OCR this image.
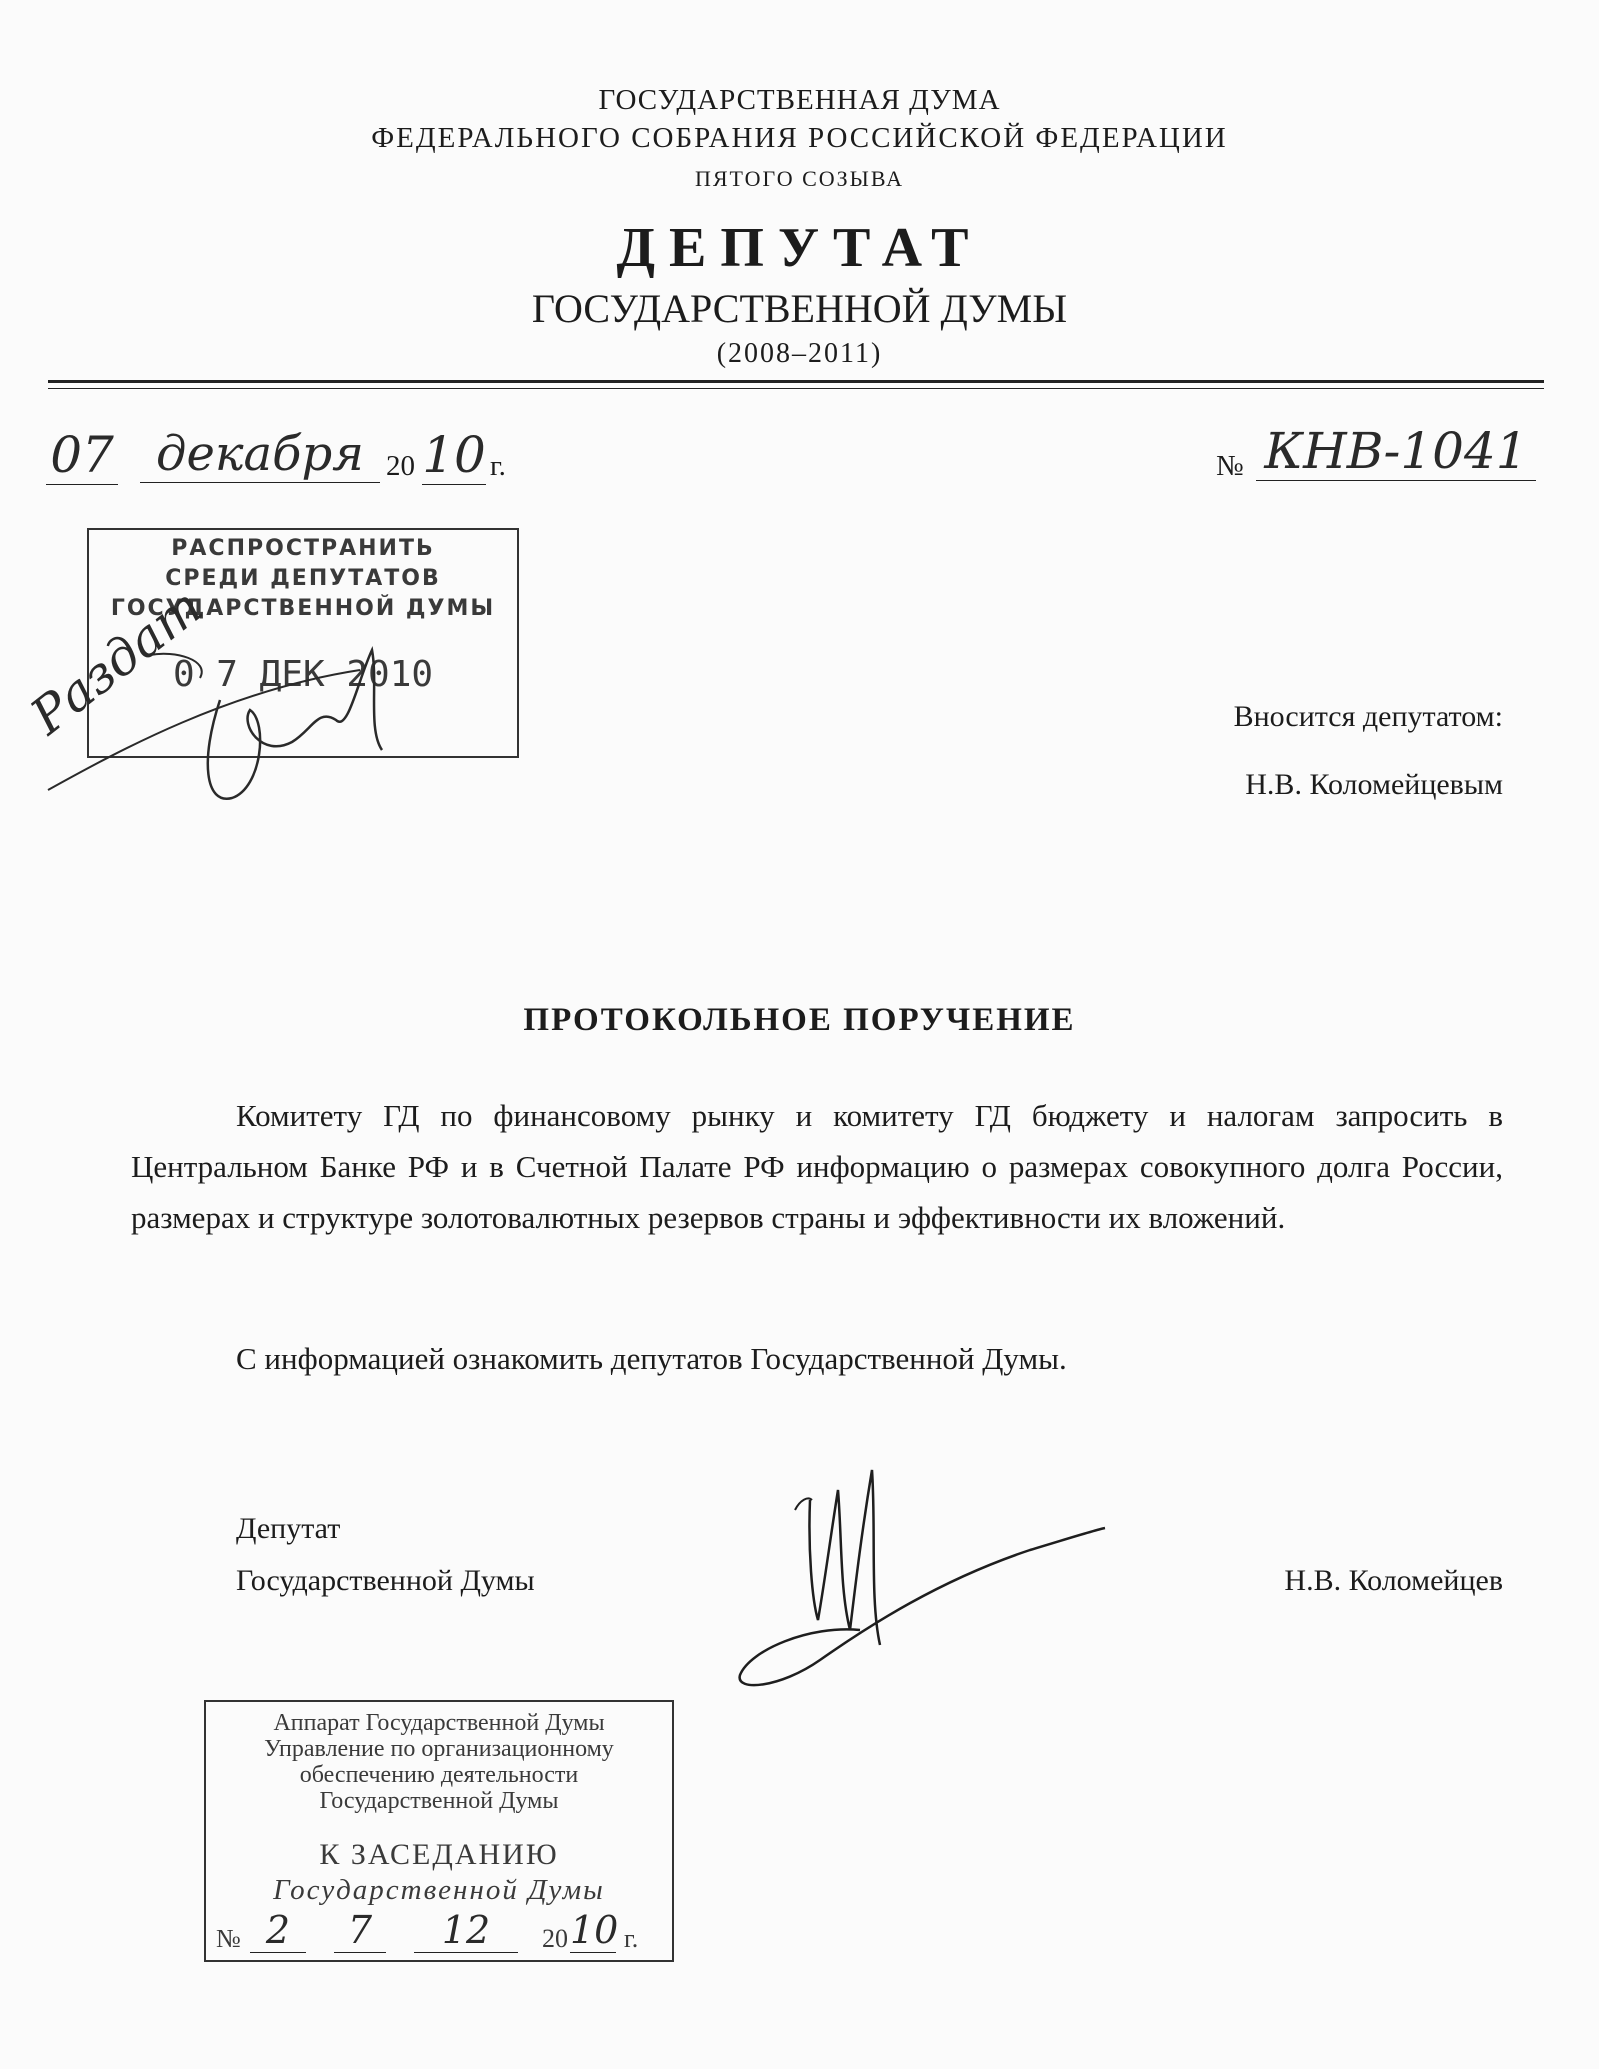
ГОСУДАРСТВЕННАЯ ДУМА
ФЕДЕРАЛЬНОГО СОБРАНИЯ РОССИЙСКОЙ ФЕДЕРАЦИИ
ПЯТОГО СОЗЫВА
ДЕПУТАТ
ГОСУДАРСТВЕННОЙ ДУМЫ
(2008–2011)
07 декабря 20 10 г.	№ КНВ-1041
РАСПРОСТРАНИТЬ
СРЕДИ ДЕПУТАТОВ
ГОСУДАРСТВЕННОЙ ДУМЫ
0 7 ДЕК 2010
Раздат	Вносится депутатом:
Н.В. Коломейцевым
ПРОТОКОЛЬНОЕ ПОРУЧЕНИЕ
Комитету ГД по финансовому рынку и комитету ГД бюджету и налогам запросить в Центральном Банке РФ и в Счетной Палате РФ информацию о размерах совокупного долга России, размерах и структуре золотовалютных резервов страны и эффективности их вложений.
С информацией ознакомить депутатов Государственной Думы.
Депутат
Государственной Думы	Н.В. Коломейцев
Аппарат Государственной Думы
Управление по организационному
обеспечению деятельности
Государственной Думы
К ЗАСЕДАНИЮ
Государственной Думы
№ 2	7	12	20 10 г.
